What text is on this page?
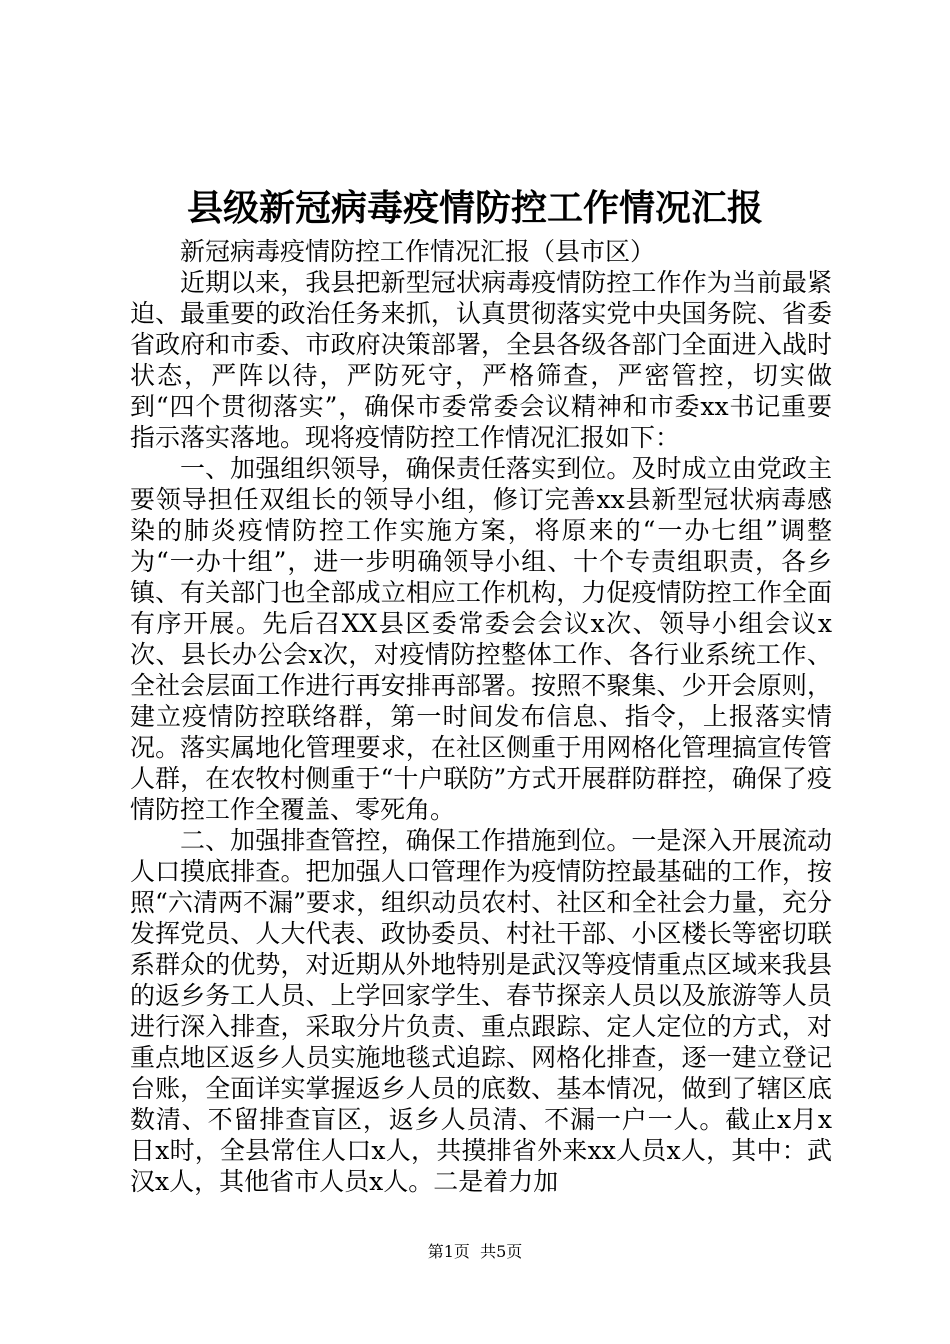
县级新冠病毒疫情防控工作情况汇报

新冠病毒疫情防控工作情况汇报（县市区）

近期以来，我县把新型冠状病毒疫情防控工作作为当前最紧迫、最重要的政治任务来抓，认真贯彻落实党中央国务院、省委省政府和市委、市政府决策部署，全县各级各部门全面进入战时状态，严阵以待，严防死守，严格筛查，严密管控，切实做到“四个贯彻落实”，确保市委常委会议精神和市委xx书记重要指示落实落地。现将疫情防控工作情况汇报如下：

一、加强组织领导，确保责任落实到位。及时成立由党政主要领导担任双组长的领导小组，修订完善xx县新型冠状病毒感染的肺炎疫情防控工作实施方案，将原来的“一办七组”调整为“一办十组”，进一步明确领导小组、十个专责组职责，各乡镇、有关部门也全部成立相应工作机构，力促疫情防控工作全面有序开展。先后召XX县区委常委会会议x次、领导小组会议x次、县长办公会x次，对疫情防控整体工作、各行业系统工作、全社会层面工作进行再安排再部署。按照不聚集、少开会原则，建立疫情防控联络群，第一时间发布信息、指令，上报落实情况。落实属地化管理要求，在社区侧重于用网格化管理搞宣传管人群，在农牧村侧重于“十户联防”方式开展群防群控，确保了疫情防控工作全覆盖、零死角。

二、加强排查管控，确保工作措施到位。一是深入开展流动人口摸底排查。把加强人口管理作为疫情防控最基础的工作，按照“六清两不漏”要求，组织动员农村、社区和全社会力量，充分发挥党员、人大代表、政协委员、村社干部、小区楼长等密切联系群众的优势，对近期从外地特别是武汉等疫情重点区域来我县的返乡务工人员、上学回家学生、春节探亲人员以及旅游等人员进行深入排查，采取分片负责、重点跟踪、定人定位的方式，对重点地区返乡人员实施地毯式追踪、网格化排查，逐一建立登记台账，全面详实掌握返乡人员的底数、基本情况，做到了辖区底数清、不留排查盲区，返乡人员清、不漏一户一人。截止x月x日x时，全县常住人口x人，共摸排省外来xx人员x人，其中：武汉x人，其他省市人员x人。二是着力加

第1页  共5页
